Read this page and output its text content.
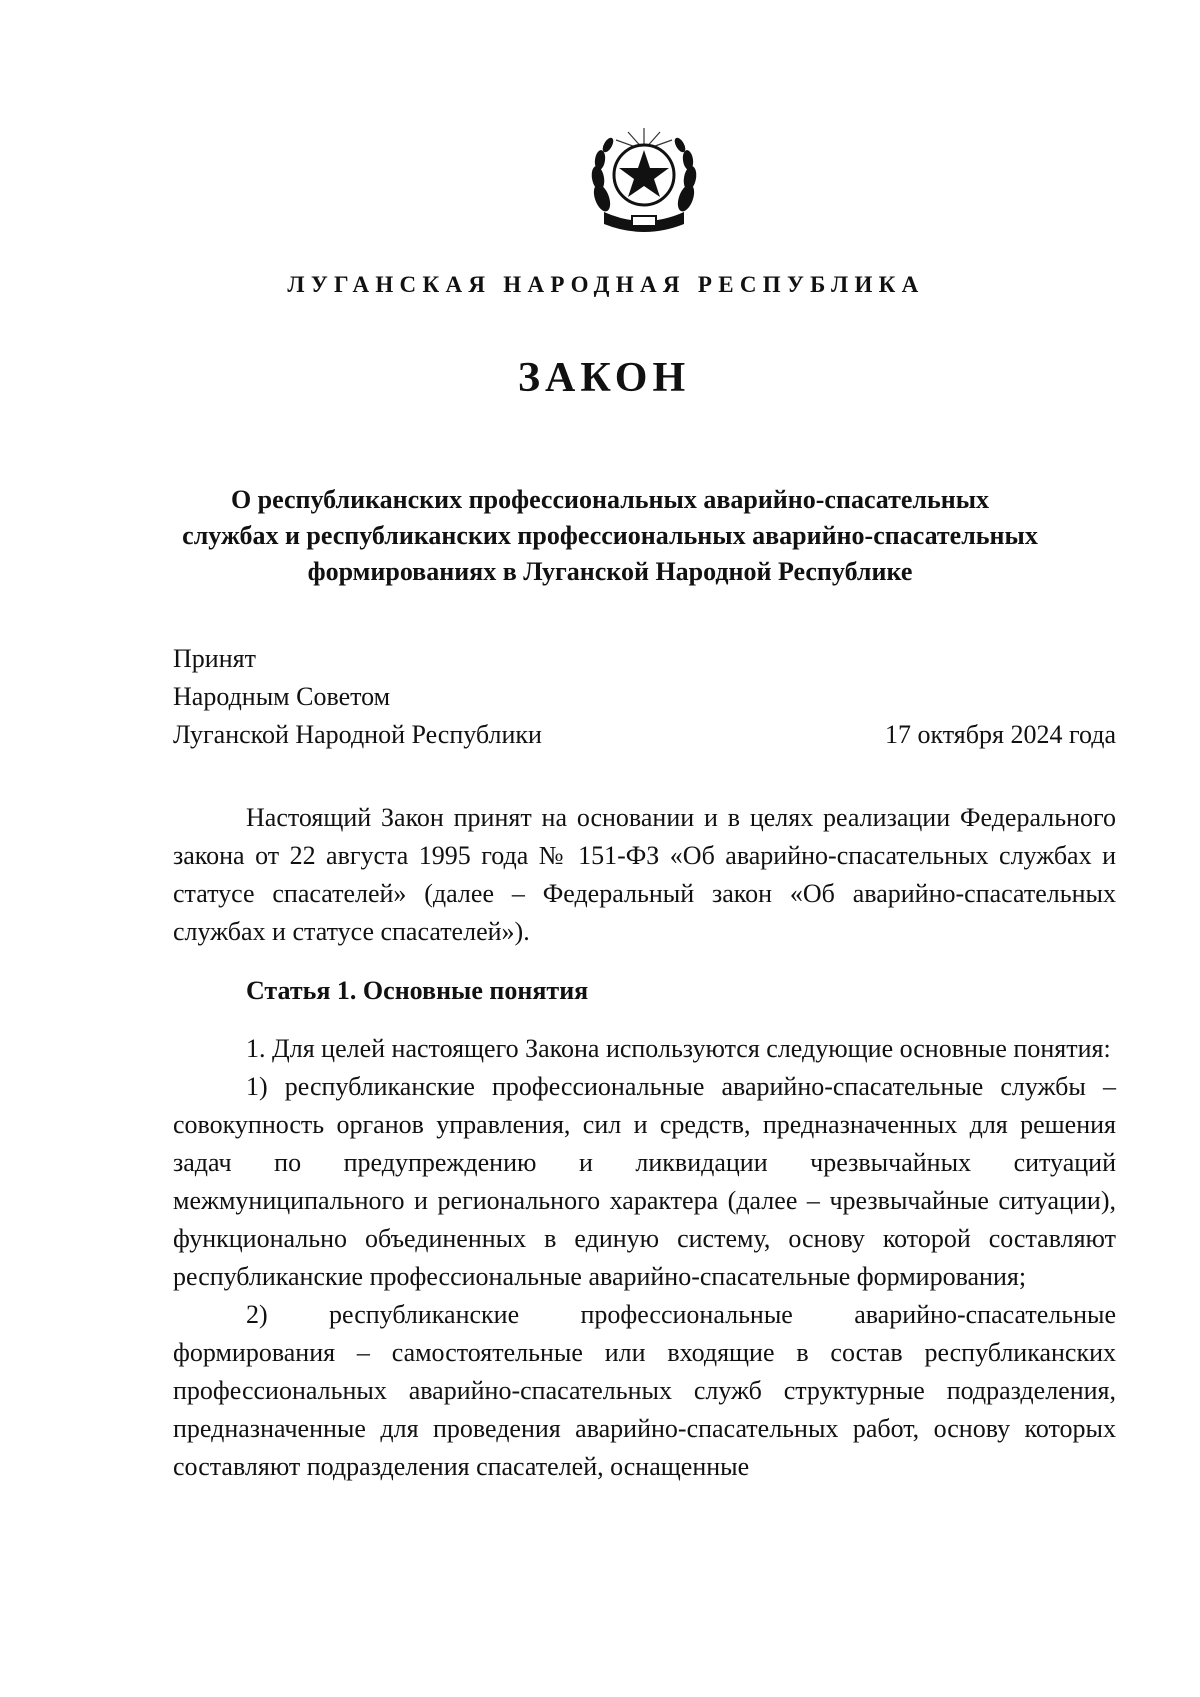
ЛУГАНСКАЯ НАРОДНАЯ РЕСПУБЛИКА
ЗАКОН
О республиканских профессиональных аварийно-спасательных
службах и республиканских профессиональных аварийно-спасательных
формированиях в Луганской Народной Республике
Принят
Народным Советом
Луганской Народной Республики	17 октября 2024 года

Настоящий Закон принят на основании и в целях реализации Федерального закона от 22 августа 1995 года № 151-ФЗ «Об аварийно-спасательных службах и статусе спасателей» (далее – Федеральный закон «Об аварийно-спасательных службах и статусе спасателей»).

Статья 1. Основные понятия

1. Для целей настоящего Закона используются следующие основные понятия:

1) республиканские профессиональные аварийно-спасательные службы – совокупность органов управления, сил и средств, предназначенных для решения задач по предупреждению и ликвидации чрезвычайных ситуаций межмуниципального и регионального характера (далее – чрезвычайные ситуации), функционально объединенных в единую систему, основу которой составляют республиканские профессиональные аварийно-спасательные формирования;

2) республиканские профессиональные аварийно-спасательные формирования – самостоятельные или входящие в состав республиканских профессиональных аварийно-спасательных служб структурные подразделения, предназначенные для проведения аварийно-спасательных работ, основу которых составляют подразделения спасателей, оснащенные
